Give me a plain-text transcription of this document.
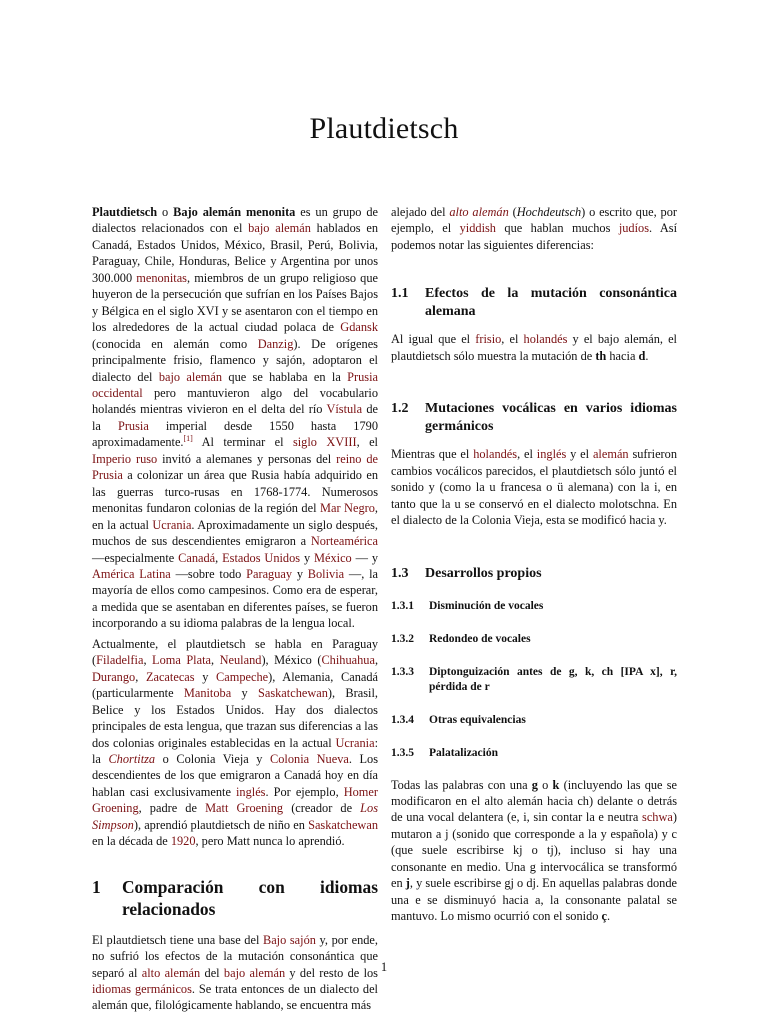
Plautdietsch

Plautdietsch o Bajo alemán menonita es un grupo de dialectos relacionados con el bajo alemán hablados en Canadá, Estados Unidos, México, Brasil, Perú, Bolivia, Paraguay, Chile, Honduras, Belice y Argentina por unos 300.000 menonitas, miembros de un grupo religioso que huyeron de la persecución que sufrían en los Países Bajos y Bélgica en el siglo XVI y se asentaron con el tiempo en los alrededores de la actual ciudad polaca de Gdansk (conocida en alemán como Danzig). De orígenes principalmente frisio, flamenco y sajón, adoptaron el dialecto del bajo alemán que se hablaba en la Prusia occidental pero mantuvieron algo del vocabulario holandés mientras vivieron en el delta del río Vístula de la Prusia imperial desde 1550 hasta 1790 aproximadamente.[1] Al terminar el siglo XVIII, el Imperio ruso invitó a alemanes y personas del reino de Prusia a colonizar un área que Rusia había adquirido en las guerras turco-rusas en 1768-1774. Numerosos menonitas fundaron colonias de la región del Mar Negro, en la actual Ucrania. Aproximadamente un siglo después, muchos de sus descendientes emigraron a Norteamérica —especialmente Canadá, Estados Unidos y México — y América Latina —sobre todo Paraguay y Bolivia —, la mayoría de ellos como campesinos. Como era de esperar, a medida que se asentaban en diferentes países, se fueron incorporando a su idioma palabras de la lengua local.

Actualmente, el plautdietsch se habla en Paraguay (Filadelfia, Loma Plata, Neuland), México (Chihuahua, Durango, Zacatecas y Campeche), Alemania, Canadá (particularmente Manitoba y Saskatchewan), Brasil, Belice y los Estados Unidos. Hay dos dialectos principales de esta lengua, que trazan sus diferencias a las dos colonias originales establecidas en la actual Ucrania: la Chortitza o Colonia Vieja y Colonia Nueva. Los descendientes de los que emigraron a Canadá hoy en día hablan casi exclusivamente inglés. Por ejemplo, Homer Groening, padre de Matt Groening (creador de Los Simpson), aprendió plautdietsch de niño en Saskatchewan en la década de 1920, pero Matt nunca lo aprendió.

1	Comparación con idiomas relacionados

El plautdietsch tiene una base del Bajo sajón y, por ende, no sufrió los efectos de la mutación consonántica que separó al alto alemán del bajo alemán y del resto de los idiomas germánicos. Se trata entonces de un dialecto del alemán que, filológicamente hablando, se encuentra más

alejado del alto alemán (Hochdeutsch) o escrito que, por ejemplo, el yiddish que hablan muchos judíos. Así podemos notar las siguientes diferencias:

1.1	Efectos de la mutación consonántica alemana

Al igual que el frisio, el holandés y el bajo alemán, el plautdietsch sólo muestra la mutación de th hacia d.

1.2	Mutaciones vocálicas en varios idiomas germánicos

Mientras que el holandés, el inglés y el alemán sufrieron cambios vocálicos parecidos, el plautdietsch sólo juntó el sonido y (como la u francesa o ü alemana) con la i, en tanto que la u se conservó en el dialecto molotschna. En el dialecto de la Colonia Vieja, esta se modificó hacia y.

1.3	Desarrollos propios
1.3.1	Disminución de vocales
1.3.2	Redondeo de vocales
1.3.3	Diptonguización antes de g, k, ch [IPA x], r, pérdida de r
1.3.4	Otras equivalencias
1.3.5	Palatalización

Todas las palabras con una g o k (incluyendo las que se modificaron en el alto alemán hacia ch) delante o detrás de una vocal delantera (e, i, sin contar la e neutra schwa) mutaron a j (sonido que corresponde a la y española) y c (que suele escribirse kj o tj), incluso si hay una consonante en medio. Una g intervocálica se transformó en j, y suele escribirse gj o dj. En aquellas palabras donde una e se disminuyó hacia a, la consonante palatal se mantuvo. Lo mismo ocurrió con el sonido ç.

1
